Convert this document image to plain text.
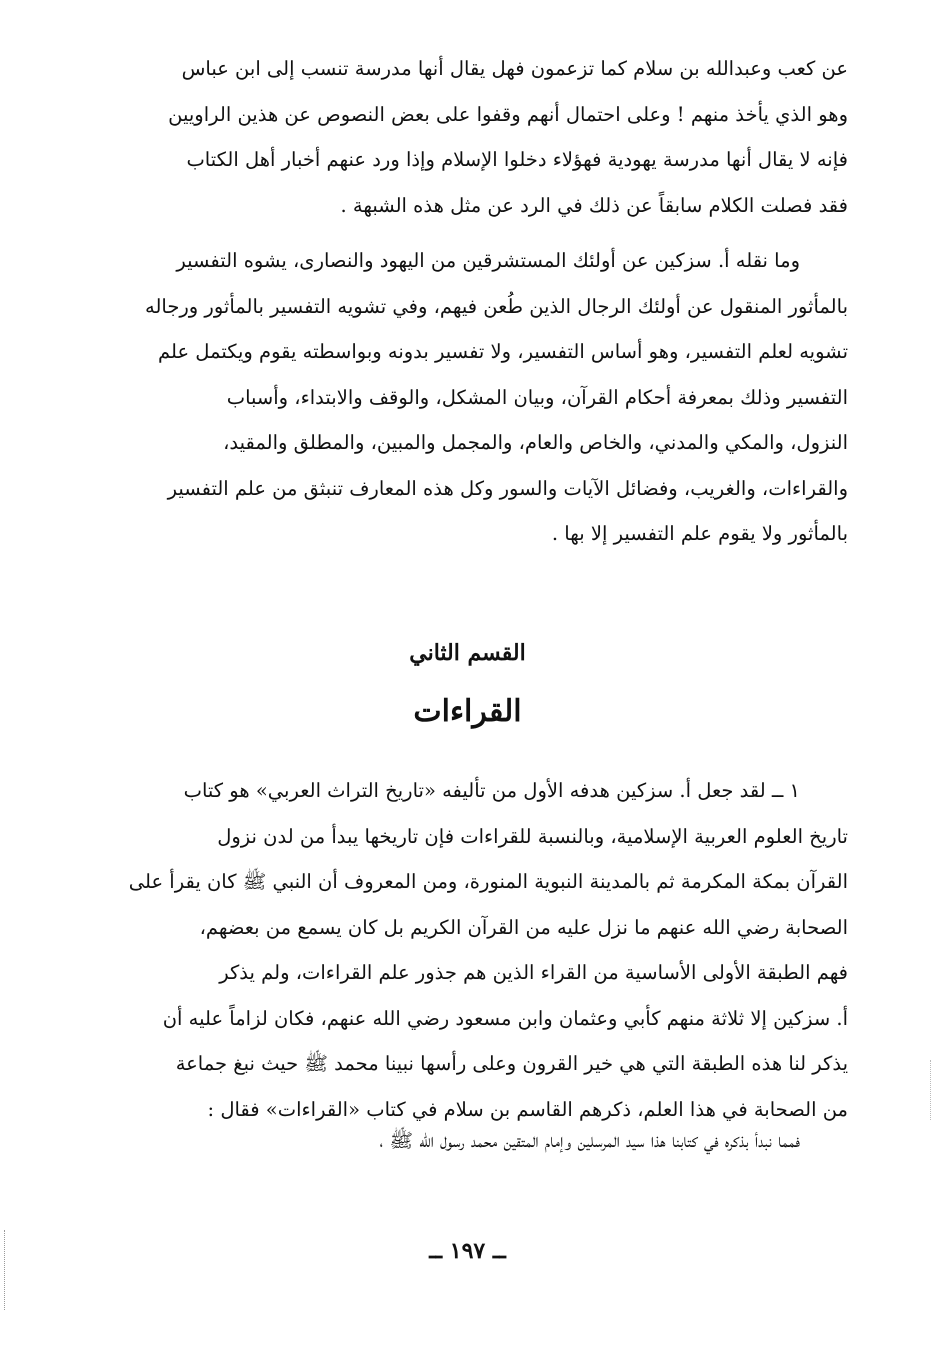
عن كعب وعبدالله بن سلام كما تزعمون فهل يقال أنها مدرسة تنسب إلى ابن عباس
وهو الذي يأخذ منهم ! وعلى احتمال أنهم وقفوا على بعض النصوص عن هذين الراويين
فإنه لا يقال أنها مدرسة يهودية فهؤلاء دخلوا الإسلام وإذا ورد عنهم أخبار أهل الكتاب
فقد فصلت الكلام سابقاً عن ذلك في الرد عن مثل هذه الشبهة .
وما نقله أ. سزكين عن أولئك المستشرقين من اليهود والنصارى، يشوه التفسير
بالمأثور المنقول عن أولئك الرجال الذين طُعن فيهم، وفي تشويه التفسير بالمأثور ورجاله
تشويه لعلم التفسير، وهو أساس التفسير، ولا تفسير بدونه وبواسطته يقوم ويكتمل علم
التفسير وذلك بمعرفة أحكام القرآن، وبيان المشكل، والوقف والابتداء، وأسباب
النزول، والمكي والمدني، والخاص والعام، والمجمل والمبين، والمطلق والمقيد،
والقراءات، والغريب، وفضائل الآيات والسور وكل هذه المعارف تنبثق من علم التفسير
بالمأثور ولا يقوم علم التفسير إلا بها .
القسم الثاني
القراءات
١ ــ لقد جعل أ. سزكين هدفه الأول من تأليفه «تاريخ التراث العربي» هو كتاب
تاريخ العلوم العربية الإسلامية، وبالنسبة للقراءات فإن تاريخها يبدأ من لدن نزول
القرآن بمكة المكرمة ثم بالمدينة النبوية المنورة، ومن المعروف أن النبي ﷺ كان يقرأ على
الصحابة رضي الله عنهم ما نزل عليه من القرآن الكريم بل كان يسمع من بعضهم،
فهم الطبقة الأولى الأساسية من القراء الذين هم جذور علم القراءات، ولم يذكر
أ. سزكين إلا ثلاثة منهم كأبي وعثمان وابن مسعود رضي الله عنهم، فكان لزاماً عليه أن
يذكر لنا هذه الطبقة التي هي خير القرون وعلى رأسها نبينا محمد ﷺ حيث نبغ جماعة
من الصحابة في هذا العلم، ذكرهم القاسم بن سلام في كتاب «القراءات» فقال :
فمما نبدأ بذكره في كتابنا هذا سيد المرسلين وإمام المتقين محمد رسول الله ﷺ ،
ــ ١٩٧ ــ
